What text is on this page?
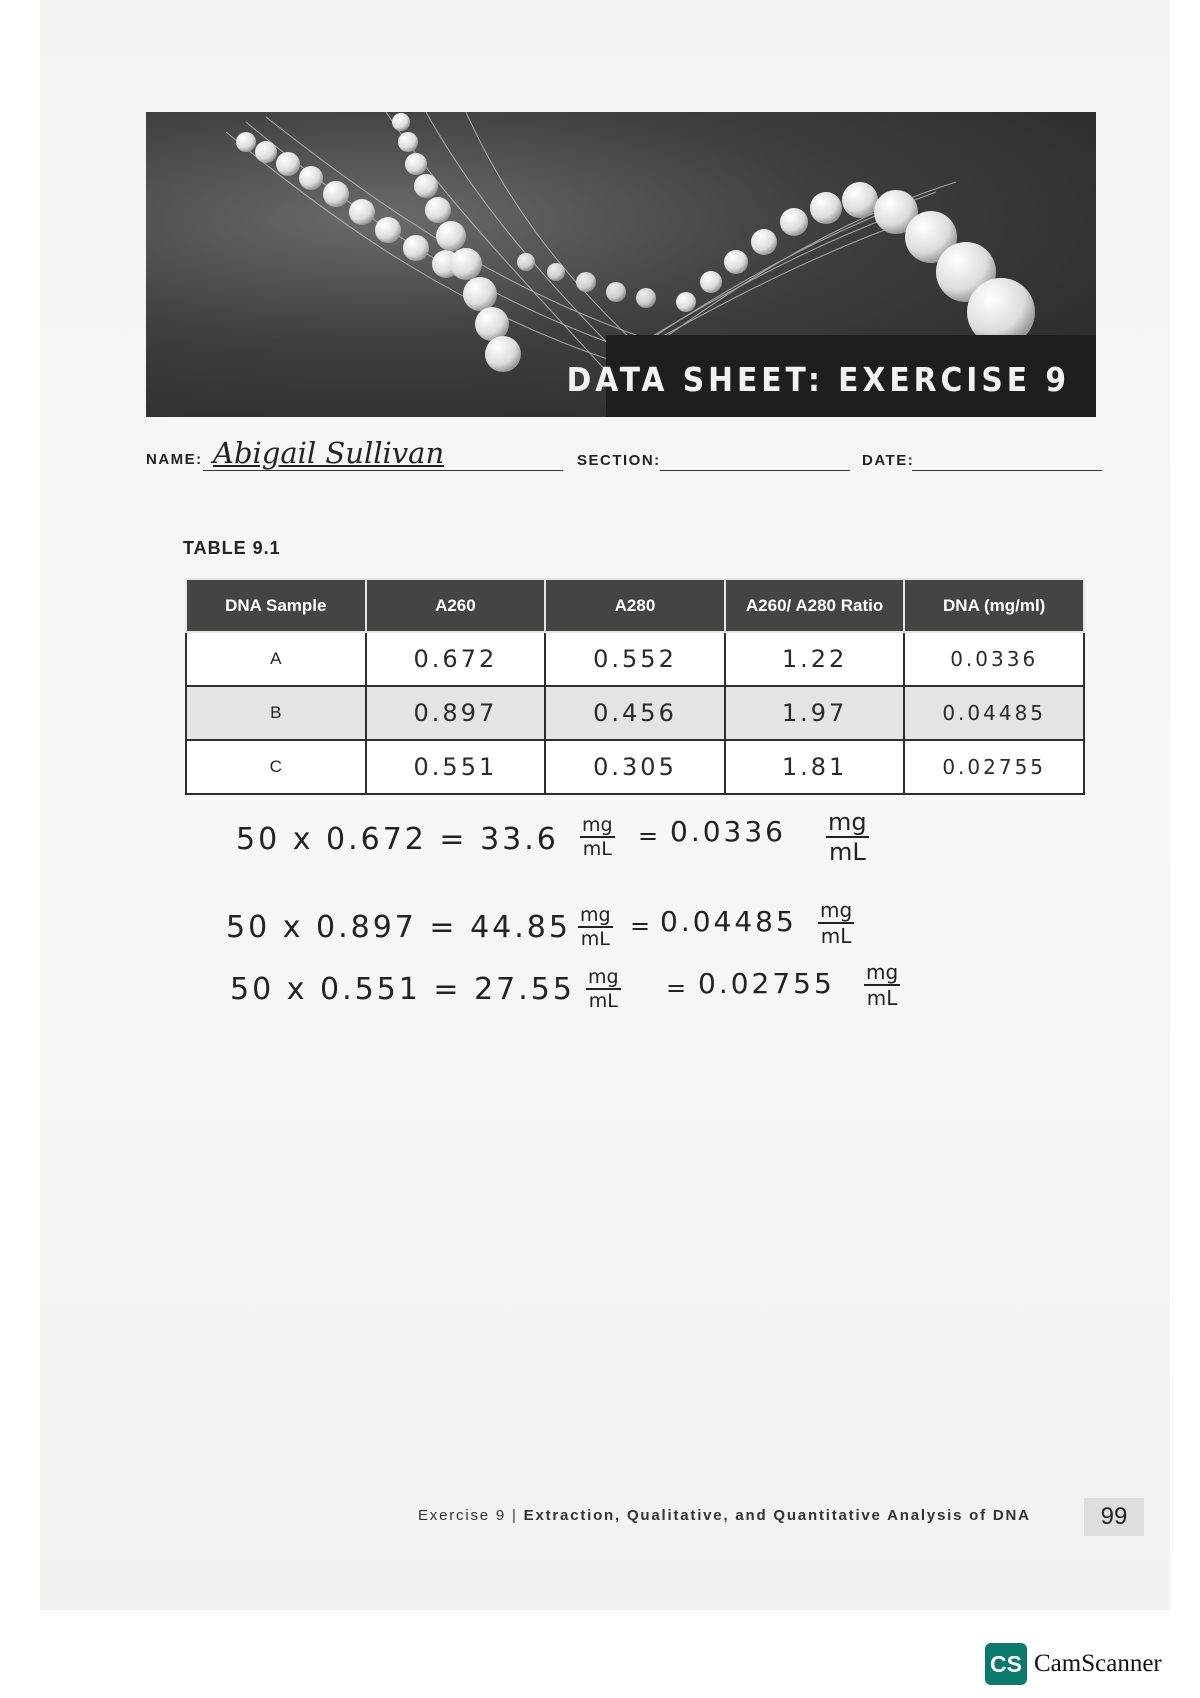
DATA SHEET: EXERCISE 9
NAME: Abigail Sullivan	SECTION:	DATE:
TABLE 9.1
DNA Sample	A260	A280	A260/ A280 Ratio	DNA (mg/ml)
A	0.672	0.552	1.22	0.0336
B	0.897	0.456	1.97	0.04485
C	0.551	0.305	1.81	0.02755
50 x $0.672 = 33.6 \frac{mg}{mL} = 0.0336 \frac{mg}{mL}$
50 x $0.897 = 44.85 \frac{mg}{mL} = 0.04485 \frac{mg}{mL}$
50 x $0.551 = 27.55 \frac{mg}{mL} = 0.02755 \frac{mg}{mL}$
Exercise 9 | Extraction, Qualitative, and Quantitative Analysis of DNA	99
CS CamScanner
